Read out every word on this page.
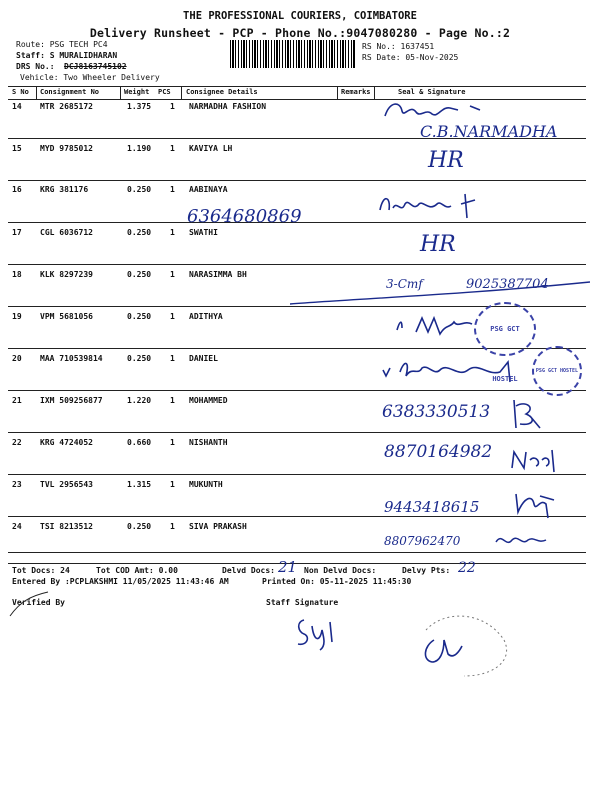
THE PROFESSIONAL COURIERS, COIMBATORE
Delivery Runsheet - PCP - Phone No.:9047080280 - Page No.:2
Route: PSG TECH PC4
Staff: S MURALIDHARAN
DRS No.: DCJ8163745102
Vehicle: Two Wheeler Delivery
RS No.: 1637451
RS Date: 05-Nov-2025
S No Consignment No	Weight PCS Consignee Details	Remarks	Seal & Signature
14 MTR 2685172	1.375 1 NARMADHA FASHION
15 MYD 9785012	1.190 1 KAVIYA LH
16 KRG 381176	0.250 1 AABINAYA
17 CGL 6036712	0.250 1 SWATHI
18 KLK 8297239	0.250 1 NARASIMMA BH
19 VPM 5681056	0.250 1 ADITHYA
20 MAA 710539814	0.250 1 DANIEL
21 IXM 509256877	1.220 1 MOHAMMED
22 KRG 4724052	0.660 1 NISHANTH
23 TVL 2956543	1.315 1 MUKUNTH
24 TSI 8213512	0.250 1 SIVA PRAKASH
C.B.NARMADHA
HR
6364680869
HR
3-Cmf	9025387704
6383330513
8870164982
9443418615
8807962470
PSG GCT HOSTEL
PSG GCT HOSTEL
Tot Docs: 24	Tot COD Amt: 0.00	Delvd Docs: 21 Non Delvd Docs:	Delvy Pts: 22
Entered By :PCPLAKSHMI 11/05/2025 11:43:46 AM	Printed On: 05-11-2025 11:45:30
Verified By	Staff Signature
